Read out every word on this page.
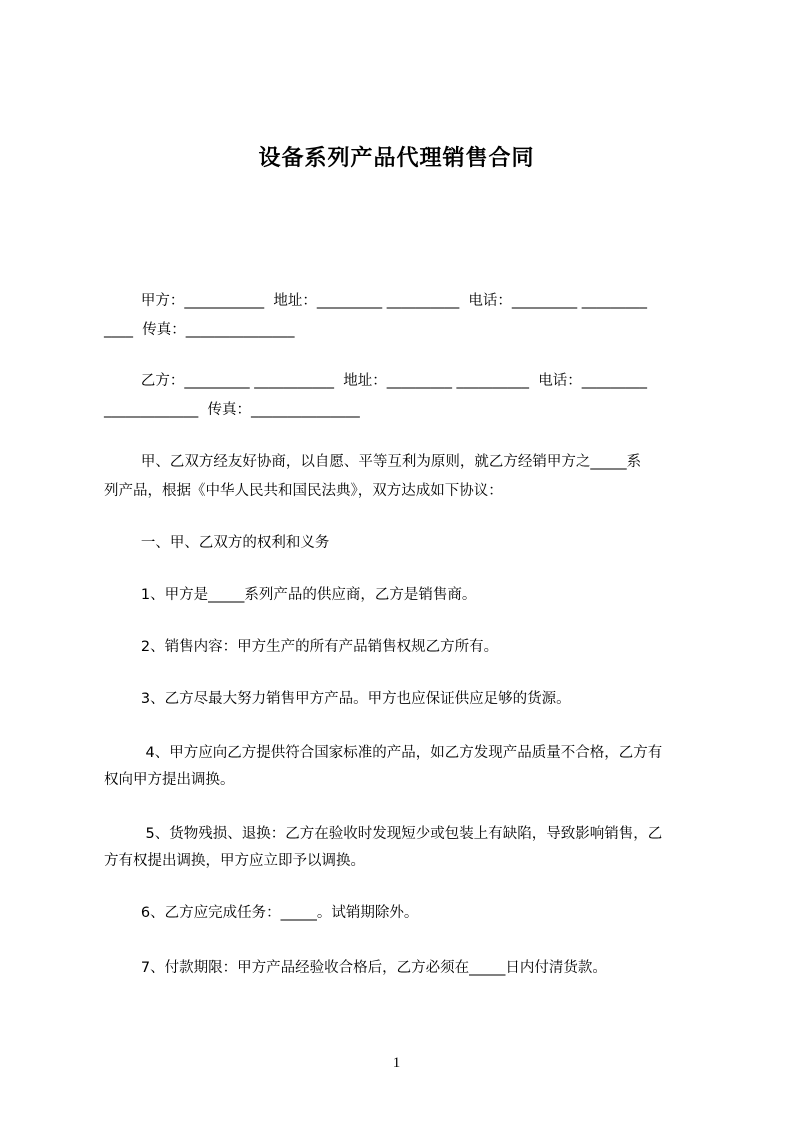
设备系列产品代理销售合同
甲方：___________  地址：_________ __________  电话：_________ _________
____  传真：_______________
乙方：_________ ___________  地址：_________ __________  电话：_________
_____________  传真：_______________
甲、乙双方经友好协商，以自愿、平等互利为原则，就乙方经销甲方之_____系
列产品，根据《中华人民共和国民法典》，双方达成如下协议：
一、甲、乙双方的权利和义务
1、甲方是_____系列产品的供应商，乙方是销售商。
2、销售内容：甲方生产的所有产品销售权规乙方所有。
3、乙方尽最大努力销售甲方产品。甲方也应保证供应足够的货源。
4、甲方应向乙方提供符合国家标准的产品，如乙方发现产品质量不合格，乙方有
权向甲方提出调换。
5、货物残损、退换：乙方在验收时发现短少或包装上有缺陷，导致影响销售，乙
方有权提出调换，甲方应立即予以调换。
6、乙方应完成任务：_____。试销期除外。
7、付款期限：甲方产品经验收合格后，乙方必须在_____日内付清货款。
1
